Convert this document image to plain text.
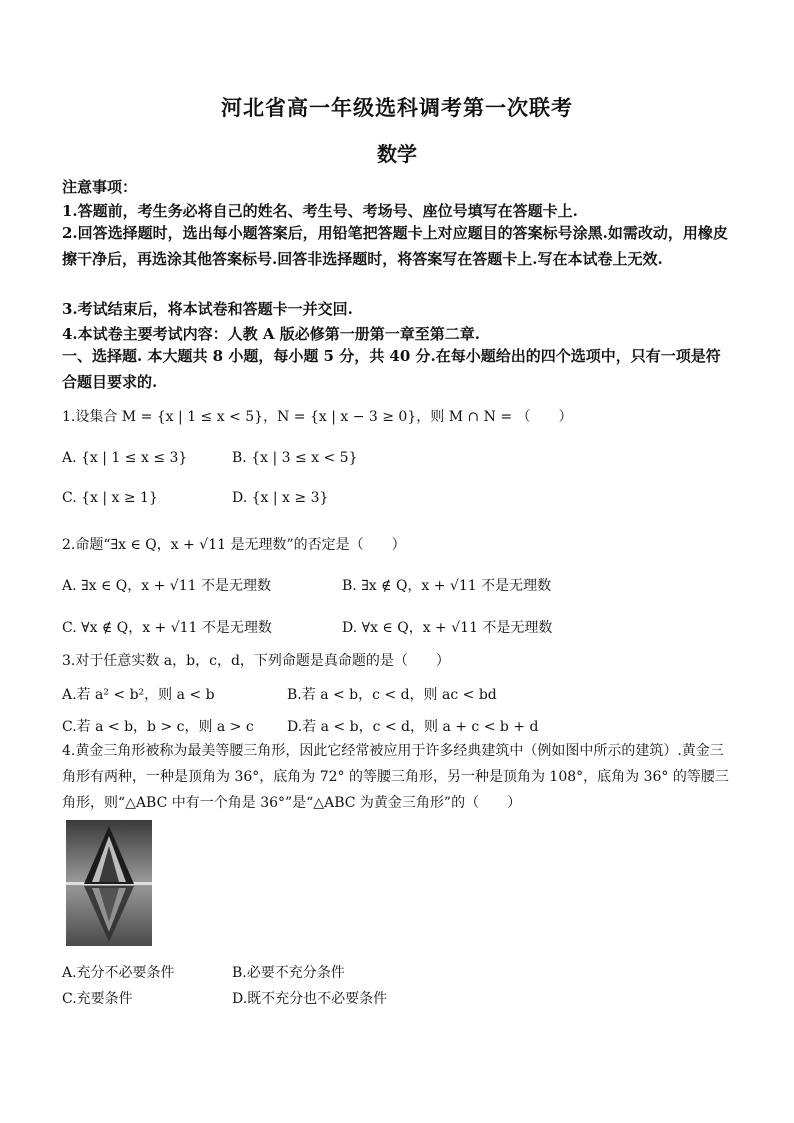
河北省高一年级选科调考第一次联考
数学
注意事项：
1.答题前，考生务必将自己的姓名、考生号、考场号、座位号填写在答题卡上.
2.回答选择题时，选出每小题答案后，用铅笔把答题卡上对应题目的答案标号涂黑.如需改动，用橡皮擦干净后，再选涂其他答案标号.回答非选择题时，将答案写在答题卡上.写在本试卷上无效.
3.考试结束后，将本试卷和答题卡一并交回.
4.本试卷主要考试内容：人教 A 版必修第一册第一章至第二章.
一、选择题. 本大题共 8 小题，每小题 5 分，共 40 分.在每小题给出的四个选项中，只有一项是符合题目要求的.
1.设集合 M = {x | 1 ≤ x < 5}，N = {x | x − 3 ≥ 0}，则 M ∩ N = （　　）
A. {x | 1 ≤ x ≤ 3}	B. {x | 3 ≤ x < 5}
C. {x | x ≥ 1}	D. {x | x ≥ 3}
2.命题“∃x ∈ Q，x + √11 是无理数”的否定是（　　）
A. ∃x ∈ Q，x + √11 不是无理数	B. ∃x ∉ Q，x + √11 不是无理数
C. ∀x ∉ Q，x + √11 不是无理数	D. ∀x ∈ Q，x + √11 不是无理数
3.对于任意实数 a，b，c，d，下列命题是真命题的是（　　）
A.若 a² < b²，则 a < b	B.若 a < b，c < d，则 ac < bd
C.若 a < b，b > c，则 a > c D.若 a < b，c < d，则 a + c < b + d
4.黄金三角形被称为最美等腰三角形，因此它经常被应用于许多经典建筑中（例如图中所示的建筑）.黄金三角形有两种，一种是顶角为 36°，底角为 72° 的等腰三角形，另一种是顶角为 108°，底角为 36° 的等腰三角形，则“△ABC 中有一个角是 36°”是“△ABC 为黄金三角形”的（　　）
A.充分不必要条件	B.必要不充分条件
C.充要条件	D.既不充分也不必要条件
